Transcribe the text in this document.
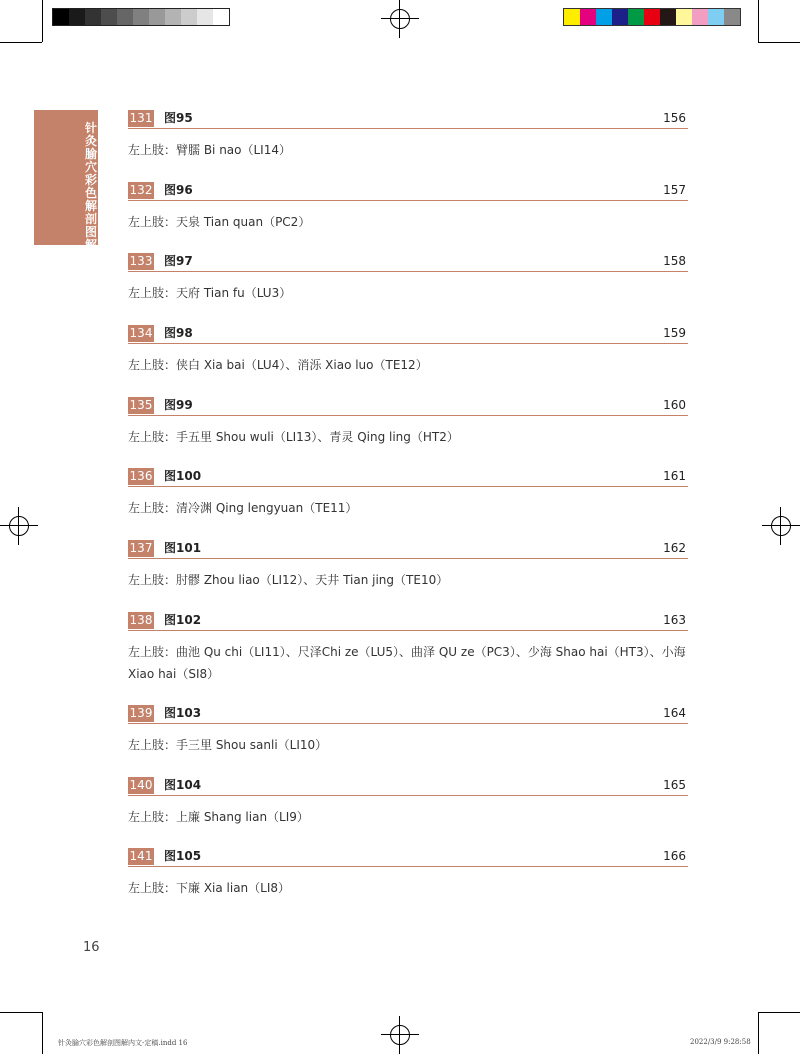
针灸腧穴彩色解剖图解
131 图95	156
左上肢：臂臑 Bi nao（LI14）
132 图96	157
左上肢：天泉 Tian quan（PC2）
133 图97	158
左上肢：天府 Tian fu（LU3）
134 图98	159
左上肢：侠白 Xia bai（LU4）、消泺 Xiao luo（TE12）
135 图99	160
左上肢：手五里 Shou wuli（LI13）、青灵 Qing ling（HT2）
136 图100	161
左上肢：清冷渊 Qing lengyuan（TE11）
137 图101	162
左上肢：肘髎 Zhou liao（LI12）、天井 Tian jing（TE10）
138 图102	163
左上肢：曲池 Qu chi（LI11）、尺泽Chi ze（LU5）、曲泽 QU ze（PC3）、少海 Shao hai（HT3）、小海 Xiao hai（SI8）
139 图103	164
左上肢：手三里 Shou sanli（LI10）
140 图104	165
左上肢：上廉 Shang lian（LI9）
141 图105	166
左上肢：下廉 Xia lian（LI8）
16
针灸腧穴彩色解剖图解内文-定稿.indd 16	2022/3/9 9:28:58
